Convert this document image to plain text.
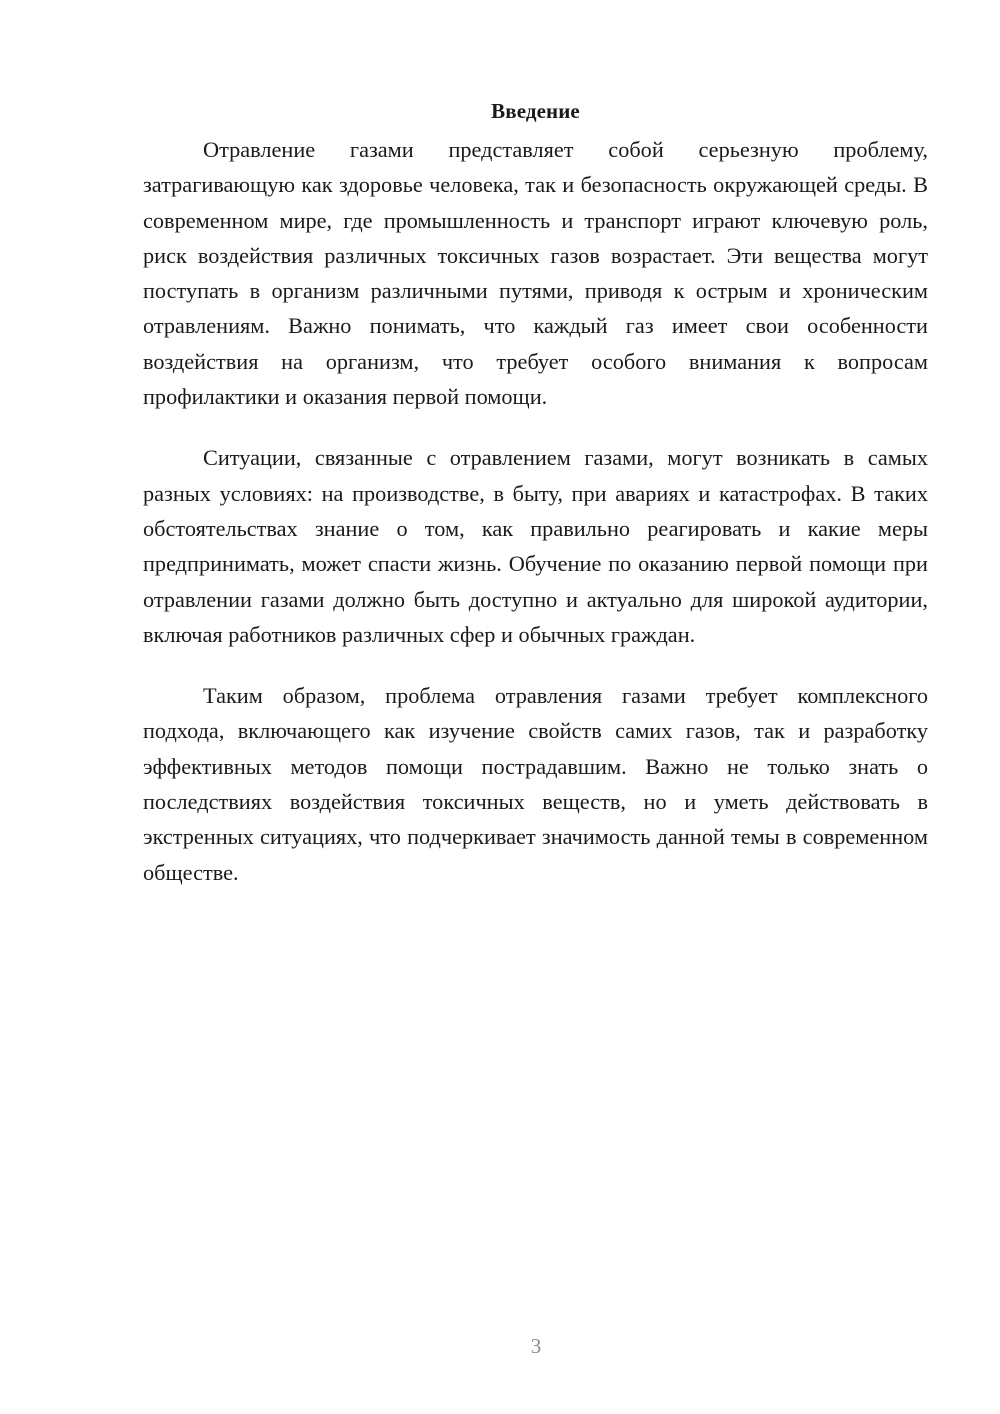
Введение

Отравление газами представляет собой серьезную проблему, затрагивающую как здоровье человека, так и безопасность окружающей среды. В современном мире, где промышленность и транспорт играют ключевую роль, риск воздействия различных токсичных газов возрастает. Эти вещества могут поступать в организм различными путями, приводя к острым и хроническим отравлениям. Важно понимать, что каждый газ имеет свои особенности воздействия на организм, что требует особого внимания к вопросам профилактики и оказания первой помощи.

Ситуации, связанные с отравлением газами, могут возникать в самых разных условиях: на производстве, в быту, при авариях и катастрофах. В таких обстоятельствах знание о том, как правильно реагировать и какие меры предпринимать, может спасти жизнь. Обучение по оказанию первой помощи при отравлении газами должно быть доступно и актуально для широкой аудитории, включая работников различных сфер и обычных граждан.

Таким образом, проблема отравления газами требует комплексного подхода, включающего как изучение свойств самих газов, так и разработку эффективных методов помощи пострадавшим. Важно не только знать о последствиях воздействия токсичных веществ, но и уметь действовать в экстренных ситуациях, что подчеркивает значимость данной темы в современном обществе.

3
